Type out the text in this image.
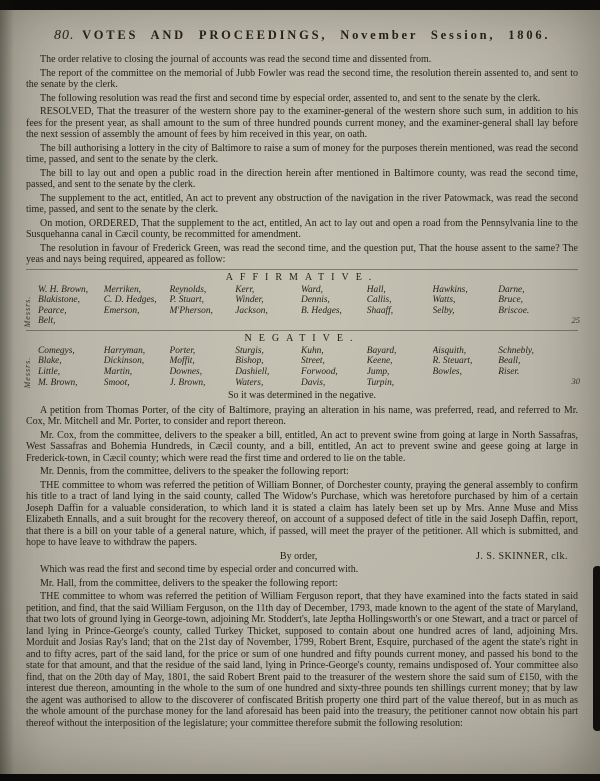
80. VOTES AND PROCEEDINGS, November Session, 1806.

The order relative to closing the journal of accounts was read the second time and dissented from.

The report of the committee on the memorial of Jubb Fowler was read the second time, the resolution therein assented to, and sent to the senate by the clerk.

The following resolution was read the first and second time by especial order, assented to, and sent to the senate by the clerk.

RESOLVED, That the treasurer of the western shore pay to the examiner-general of the western shore such sum, in addition to his fees for the present year, as shall amount to the sum of three hundred pounds current money, and the examiner-general shall lay before the next session of assembly the amount of fees by him received in this year, on oath.

The bill authorising a lottery in the city of Baltimore to raise a sum of money for the purposes therein mentioned, was read the second time, passed, and sent to the senate by the clerk.

The bill to lay out and open a public road in the direction herein after mentioned in Baltimore county, was read the second time, passed, and sent to the senate by the clerk.

The supplement to the act, entitled, An act to prevent any obstruction of the navigation in the river Patowmack, was read the second time, passed, and sent to the senate by the clerk.

On motion, ORDERED, That the supplement to the act, entitled, An act to lay out and open a road from the Pennsylvania line to the Susquehanna canal in Cæcil county, be recommitted for amendment.

The resolution in favour of Frederick Green, was read the second time, and the question put, That the house assent to the same? The yeas and nays being required, appeared as follow:

AFFIRMATIVE.
Messrs.
W. H. Brown,
Blakistone,
Pearce,
Belt,
Merriken,
C. D. Hedges,
Emerson,
Reynolds,
P. Stuart,
M'Pherson,
Kerr,
Winder,
Jackson,
Ward,
Dennis,
B. Hedges,
Hall,
Callis,
Shaaff,
Hawkins,
Watts,
Selby,
Darne,
Bruce,
Briscoe.
25
NEGATIVE.
Messrs.
Comegys,
Blake,
Little,
M. Brown,
Harryman,
Dickinson,
Martin,
Smoot,
Porter,
Moffit,
Downes,
J. Brown,
Sturgis,
Bishop,
Dashiell,
Waters,
Kuhn,
Street,
Forwood,
Davis,
Bayard,
Keene,
Jump,
Turpin,
Aisquith,
R. Steuart,
Bowles,
Schnebly,
Beall,
Riser.
30

So it was determined in the negative.

A petition from Thomas Porter, of the city of Baltimore, praying an alteration in his name, was preferred, read, and referred to Mr. Cox, Mr. Mitchell and Mr. Porter, to consider and report thereon.

Mr. Cox, from the committee, delivers to the speaker a bill, entitled, An act to prevent swine from going at large in North Sassafras, West Sassafras and Bohemia Hundreds, in Cæcil county, and a bill, entitled, An act to prevent swine and geese going at large in Frederick-town, in Cæcil county; which were read the first time and ordered to lie on the table.

Mr. Dennis, from the committee, delivers to the speaker the following report:

THE committee to whom was referred the petition of William Bonner, of Dorchester county, praying the general assembly to confirm his title to a tract of land lying in the said county, called The Widow's Purchase, which was heretofore purchased by him of a certain Joseph Daffin for a valuable consideration, to which land it is stated a claim has lately been set up by Mrs. Anne Muse and Miss Elizabeth Ennalls, and a suit brought for the recovery thereof, on account of a supposed defect of title in the said Joseph Daffin, report, that there is a bill on your table of a general nature, which, if passed, will meet the prayer of the petitioner. All which is submitted, and hope to have leave to withdraw the papers.

By order,	J. S. SKINNER, clk.

Which was read the first and second time by especial order and concurred with.

Mr. Hall, from the committee, delivers to the speaker the following report:

THE committee to whom was referred the petition of William Ferguson report, that they have examined into the facts stated in said petition, and find, that the said William Ferguson, on the 11th day of December, 1793, made known to the agent of the state of Maryland, that two lots of ground lying in George-town, adjoining Mr. Stoddert's, late Jeptha Hollingsworth's or one Stewart, and a tract or parcel of land lying in Prince-George's county, called Turkey Thicket, supposed to contain about one hundred acres of land, adjoining Mrs. Morduit and Josias Ray's land; that on the 21st day of November, 1799, Robert Brent, Esquire, purchased of the agent the state's right in and to fifty acres, part of the said land, for the price or sum of one hundred and fifty pounds current money, and passed his bond to the state for that amount, and that the residue of the said land, lying in Prince-George's county, remains undisposed of. Your committee also find, that on the 20th day of May, 1801, the said Robert Brent paid to the treasurer of the western shore the said sum of £150, with the interest due thereon, amounting in the whole to the sum of one hundred and sixty-three pounds ten shillings current money; that by law the agent was authorised to allow to the discoverer of confiscated British property one third part of the value thereof, but in as much as the whole amount of the purchase money for the land aforesaid has been paid into the treasury, the petitioner cannot now obtain his part thereof without the interposition of the legislature; your committee therefore submit the following resolution:
